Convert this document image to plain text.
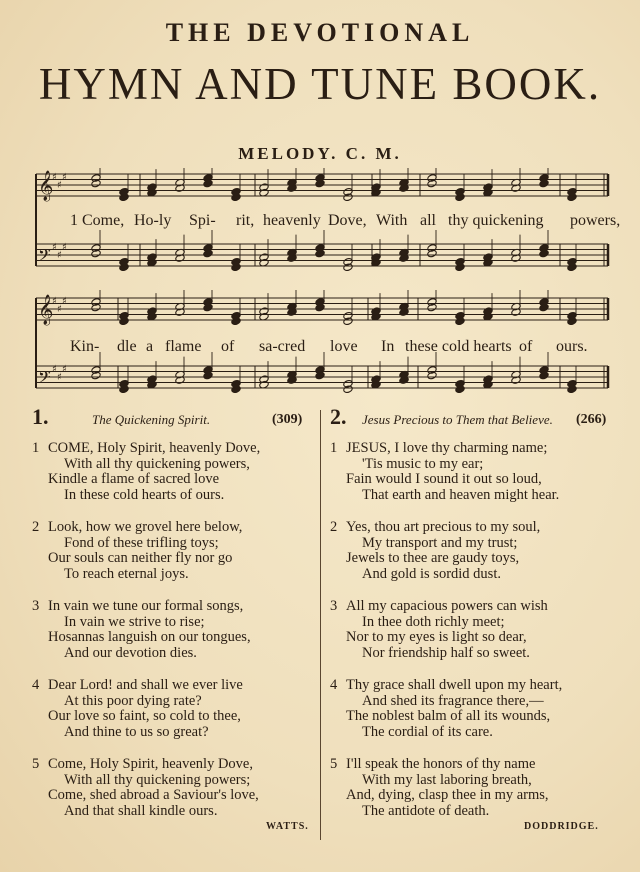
THE DEVOTIONAL
HYMN AND TUNE BOOK.
MELODY. C. M.
♯
♯
♯
𝄞
♯
♯
♯
𝄢
♯
♯
♯
𝄞
♯
♯
♯
𝄢
1 Come, Ho-ly Spi- rit, heavenly Dove, With all thy quickening powers,
Kin- dle a flame of sa-cred love In these cold hearts of ours.
1.	The Quickening Spirit.	(309) 2. Jesus Precious to Them that Believe. (266)
1 COME, Holy Spirit, heavenly Dove,
With all thy quickening powers,
Kindle a flame of sacred love
In these cold hearts of ours.
2 Look, how we grovel here below,
Fond of these trifling toys;
Our souls can neither fly nor go
To reach eternal joys.
3 In vain we tune our formal songs,
In vain we strive to rise;
Hosannas languish on our tongues,
And our devotion dies.
4 Dear Lord! and shall we ever live
At this poor dying rate?
Our love so faint, so cold to thee,
And thine to us so great?
5 Come, Holy Spirit, heavenly Dove,
With all thy quickening powers;
Come, shed abroad a Saviour's love,
And that shall kindle ours.
1 JESUS, I love thy charming name;
'Tis music to my ear;
Fain would I sound it out so loud,
That earth and heaven might hear.
2 Yes, thou art precious to my soul,
My transport and my trust;
Jewels to thee are gaudy toys,
And gold is sordid dust.
3 All my capacious powers can wish
In thee doth richly meet;
Nor to my eyes is light so dear,
Nor friendship half so sweet.
4 Thy grace shall dwell upon my heart,
And shed its fragrance there,—
The noblest balm of all its wounds,
The cordial of its care.
5 I'll speak the honors of thy name
With my last laboring breath,
And, dying, clasp thee in my arms,
The antidote of death.
WATTS.	DODDRIDGE.
